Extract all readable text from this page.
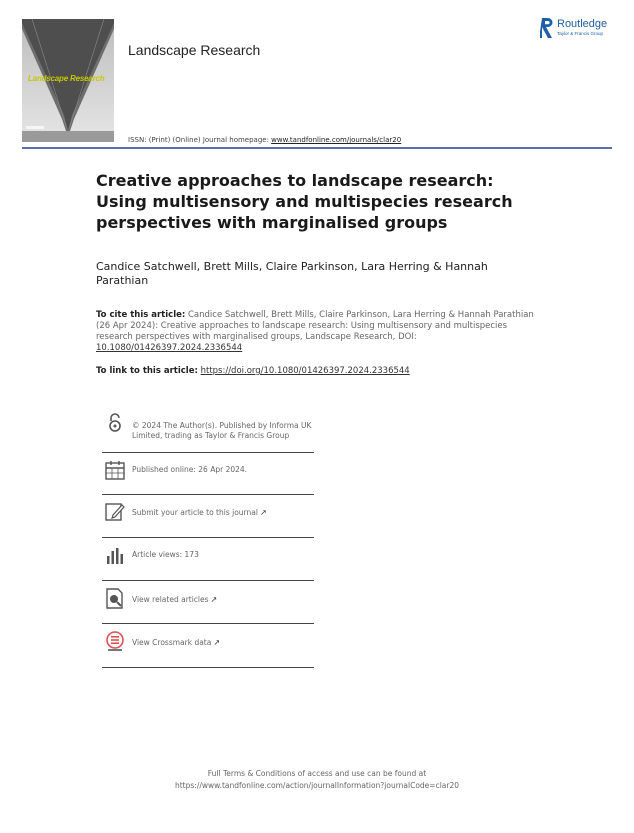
Landscape Research
Landscape Research
Routledge
Taylor & Francis Group
ISSN: (Print) (Online) Journal homepage: www.tandfonline.com/journals/clar20
Creative approaches to landscape research: Using multisensory and multispecies research perspectives with marginalised groups
Candice Satchwell, Brett Mills, Claire Parkinson, Lara Herring & Hannah Parathian
To cite this article: Candice Satchwell, Brett Mills, Claire Parkinson, Lara Herring & Hannah Parathian (26 Apr 2024): Creative approaches to landscape research: Using multisensory and multispecies research perspectives with marginalised groups, Landscape Research, DOI: 10.1080/01426397.2024.2336544
To link to this article: https://doi.org/10.1080/01426397.2024.2336544
© 2024 The Author(s). Published by Informa UK Limited, trading as Taylor & Francis Group
Published online: 26 Apr 2024.
Submit your article to this journal ↗
Article views: 173
View related articles ↗
View Crossmark data ↗
Full Terms & Conditions of access and use can be found at
https://www.tandfonline.com/action/journalInformation?journalCode=clar20
